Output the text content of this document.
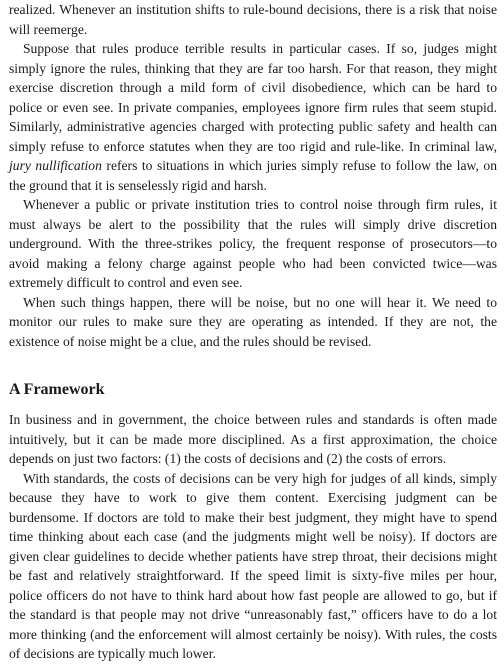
realized. Whenever an institution shifts to rule-bound decisions, there is a risk that noise will reemerge.

Suppose that rules produce terrible results in particular cases. If so, judges might simply ignore the rules, thinking that they are far too harsh. For that reason, they might exercise discretion through a mild form of civil disobedience, which can be hard to police or even see. In private companies, employees ignore firm rules that seem stupid. Similarly, administrative agencies charged with protecting public safety and health can simply refuse to enforce statutes when they are too rigid and rule-like. In criminal law, jury nullification refers to situations in which juries simply refuse to follow the law, on the ground that it is senselessly rigid and harsh.

Whenever a public or private institution tries to control noise through firm rules, it must always be alert to the possibility that the rules will simply drive discretion underground. With the three-strikes policy, the frequent response of prosecutors—to avoid making a felony charge against people who had been convicted twice—was extremely difficult to control and even see.

When such things happen, there will be noise, but no one will hear it. We need to monitor our rules to make sure they are operating as intended. If they are not, the existence of noise might be a clue, and the rules should be revised.

A Framework

In business and in government, the choice between rules and standards is often made intuitively, but it can be made more disciplined. As a first approximation, the choice depends on just two factors: (1) the costs of decisions and (2) the costs of errors.

With standards, the costs of decisions can be very high for judges of all kinds, simply because they have to work to give them content. Exercising judgment can be burdensome. If doctors are told to make their best judgment, they might have to spend time thinking about each case (and the judgments might well be noisy). If doctors are given clear guidelines to decide whether patients have strep throat, their decisions might be fast and relatively straightforward. If the speed limit is sixty-five miles per hour, police officers do not have to think hard about how fast people are allowed to go, but if the standard is that people may not drive “unreasonably fast,” officers have to do a lot more thinking (and the enforcement will almost certainly be noisy). With rules, the costs of decisions are typically much lower.
